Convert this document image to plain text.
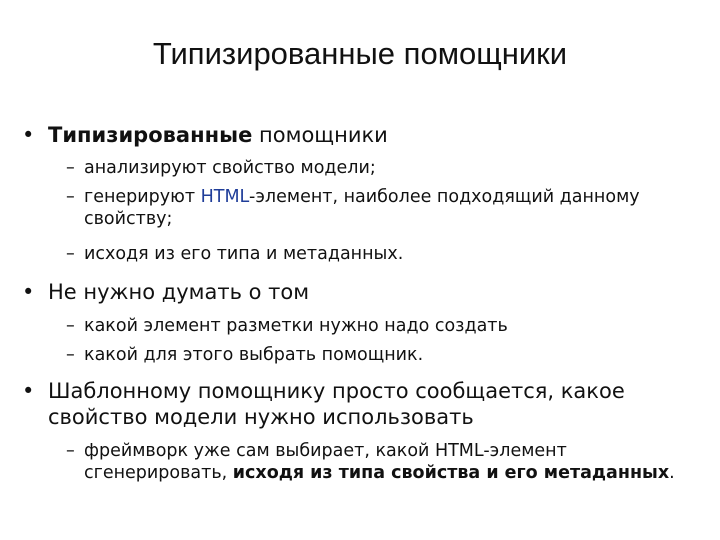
Типизированные помощники
• Типизированные помощники
– анализируют свойство модели;
– генерируют HTML-элемент, наиболее подходящий данному свойству;
– исходя из его типа и метаданных.
• Не нужно думать о том
– какой элемент разметки нужно надо создать
– какой для этого выбрать помощник.
• Шаблонному помощнику просто сообщается, какое свойство модели нужно использовать
– фреймворк уже сам выбирает, какой HTML-элемент сгенерировать, исходя из типа свойства и его метаданных.
